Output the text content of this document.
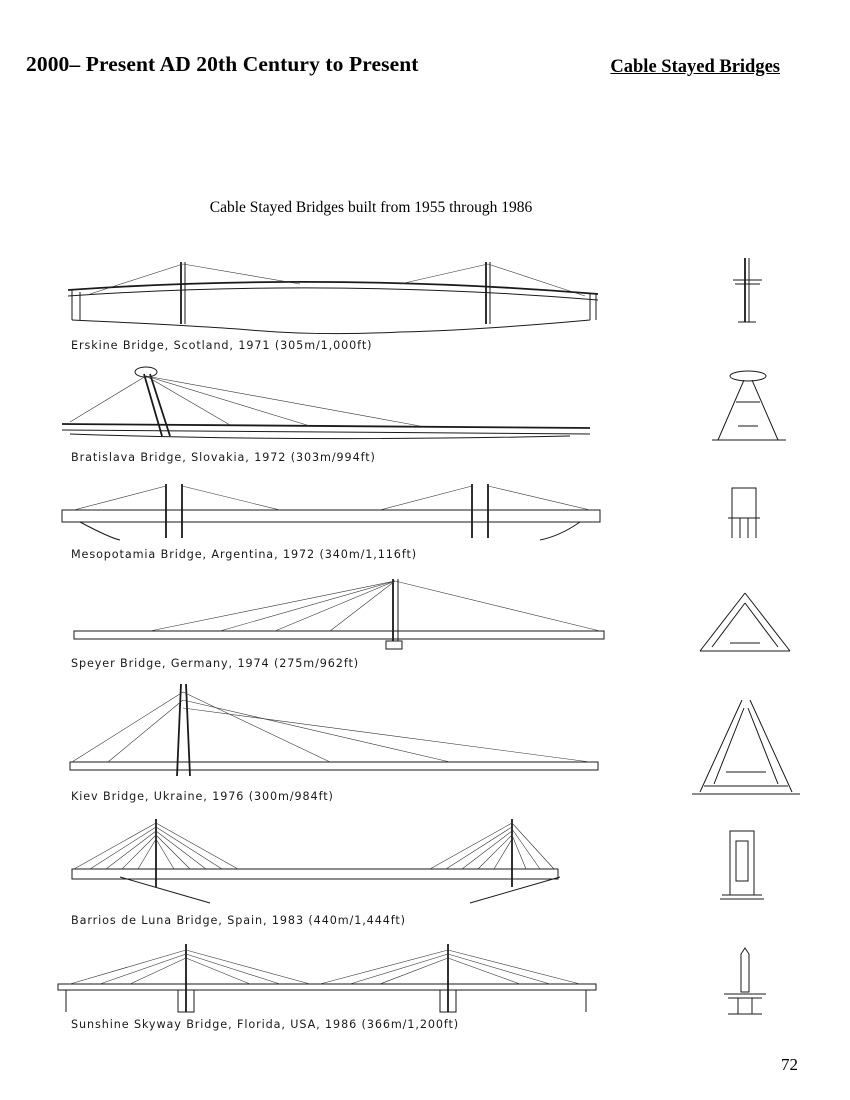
2000– Present AD 20th Century to Present	Cable Stayed Bridges
Cable Stayed Bridges built from 1955 through 1986
Erskine Bridge, Scotland, 1971 (305m/1,000ft)
Bratislava Bridge, Slovakia, 1972 (303m/994ft)
Mesopotamia Bridge, Argentina, 1972 (340m/1,116ft)
Speyer Bridge, Germany, 1974 (275m/962ft)
Kiev Bridge, Ukraine, 1976 (300m/984ft)
Barrios de Luna Bridge, Spain, 1983 (440m/1,444ft)
Sunshine Skyway Bridge, Florida, USA, 1986 (366m/1,200ft)
72
